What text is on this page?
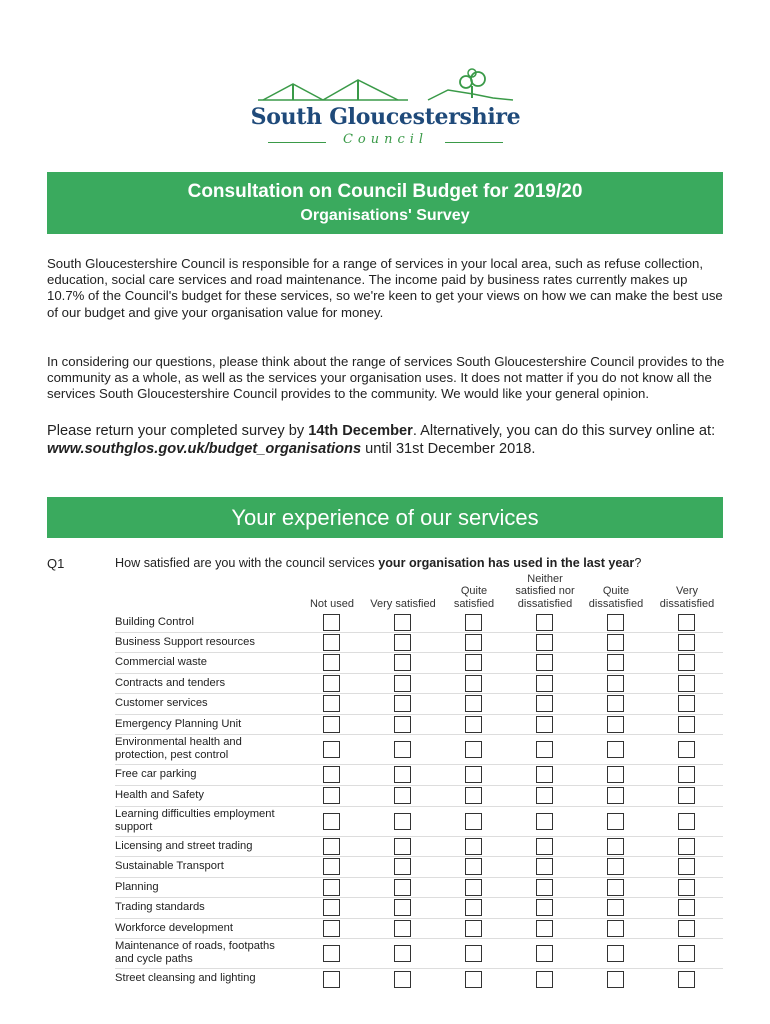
South Gloucestershire
Council
Consultation on Council Budget for 2019/20
Organisations' Survey
South Gloucestershire Council is responsible for a range of services in your local area, such as refuse collection, education, social care services and road maintenance. The income paid by business rates currently makes up 10.7% of the Council's budget for these services, so we're keen to get your views on how we can make the best use of our budget and give your organisation value for money.
In considering our questions, please think about the range of services South Gloucestershire Council provides to the community as a whole, as well as the services your organisation uses. It does not matter if you do not know all the services South Gloucestershire Council provides to the community. We would like your general opinion.
Please return your completed survey by 14th December. Alternatively, you can do this survey online at: www.southglos.gov.uk/budget_organisations until 31st December 2018.
Your experience of our services
Q1	How satisfied are you with the council services your organisation has used in the last year?
Not used	Very satisfied
Quite satisfied
Neither satisfied nor dissatisfied
Quite dissatisfied
Very dissatisfied
Building Control
Business Support resources
Commercial waste
Contracts and tenders
Customer services
Emergency Planning Unit
Environmental health and protection, pest control
Free car parking
Health and Safety
Learning difficulties employment support
Licensing and street trading
Sustainable Transport
Planning
Trading standards
Workforce development
Maintenance of roads, footpaths and cycle paths
Street cleansing and lighting
